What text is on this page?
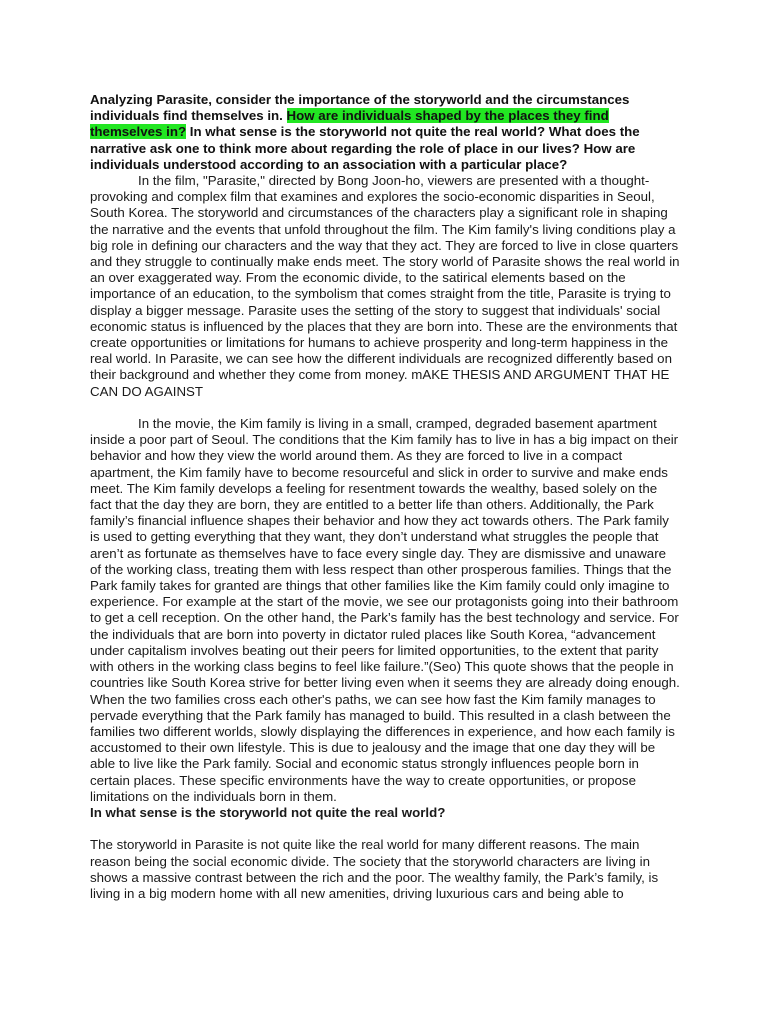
Analyzing Parasite, consider the importance of the storyworld and the circumstances individuals find themselves in. How are individuals shaped by the places they find themselves in? In what sense is the storyworld not quite the real world? What does the narrative ask one to think more about regarding the role of place in our lives? How are individuals understood according to an association with a particular place?

In the film, "Parasite," directed by Bong Joon-ho, viewers are presented with a thought-provoking and complex film that examines and explores the socio-economic disparities in Seoul, South Korea. The storyworld and circumstances of the characters play a significant role in shaping the narrative and the events that unfold throughout the film. The Kim family's living conditions play a big role in defining our characters and the way that they act. They are forced to live in close quarters and they struggle to continually make ends meet. The story world of Parasite shows the real world in an over exaggerated way. From the economic divide, to the satirical elements based on the importance of an education, to the symbolism that comes straight from the title, Parasite is trying to display a bigger message. Parasite uses the setting of the story to suggest that individuals' social economic status is influenced by the places that they are born into. These are the environments that create opportunities or limitations for humans to achieve prosperity and long-term happiness in the real world. In Parasite, we can see how the different individuals are recognized differently based on their background and whether they come from money. mAKE THESIS AND ARGUMENT THAT HE CAN DO AGAINST

In the movie, the Kim family is living in a small, cramped, degraded basement apartment inside a poor part of Seoul. The conditions that the Kim family has to live in has a big impact on their behavior and how they view the world around them. As they are forced to live in a compact apartment, the Kim family have to become resourceful and slick in order to survive and make ends meet. The Kim family develops a feeling for resentment towards the wealthy, based solely on the fact that the day they are born, they are entitled to a better life than others. Additionally, the Park family’s financial influence shapes their behavior and how they act towards others. The Park family is used to getting everything that they want, they don’t understand what struggles the people that aren’t as fortunate as themselves have to face every single day. They are dismissive and unaware of the working class, treating them with less respect than other prosperous families. Things that the Park family takes for granted are things that other families like the Kim family could only imagine to experience. For example at the start of the movie, we see our protagonists going into their bathroom to get a cell reception. On the other hand, the Park’s family has the best technology and service. For the individuals that are born into poverty in dictator ruled places like South Korea, “advancement under capitalism involves beating out their peers for limited opportunities, to the extent that parity with others in the working class begins to feel like failure.”(Seo) This quote shows that the people in countries like South Korea strive for better living even when it seems they are already doing enough. When the two families cross each other's paths, we can see how fast the Kim family manages to pervade everything that the Park family has managed to build. This resulted in a clash between the families two different worlds, slowly displaying the differences in experience, and how each family is accustomed to their own lifestyle. This is due to jealousy and the image that one day they will be able to live like the Park family. Social and economic status strongly influences people born in certain places. These specific environments have the way to create opportunities, or propose limitations on the individuals born in them.

In what sense is the storyworld not quite the real world?

The storyworld in Parasite is not quite like the real world for many different reasons. The main reason being the social economic divide. The society that the storyworld characters are living in shows a massive contrast between the rich and the poor. The wealthy family, the Park’s family, is living in a big modern home with all new amenities, driving luxurious cars and being able to
